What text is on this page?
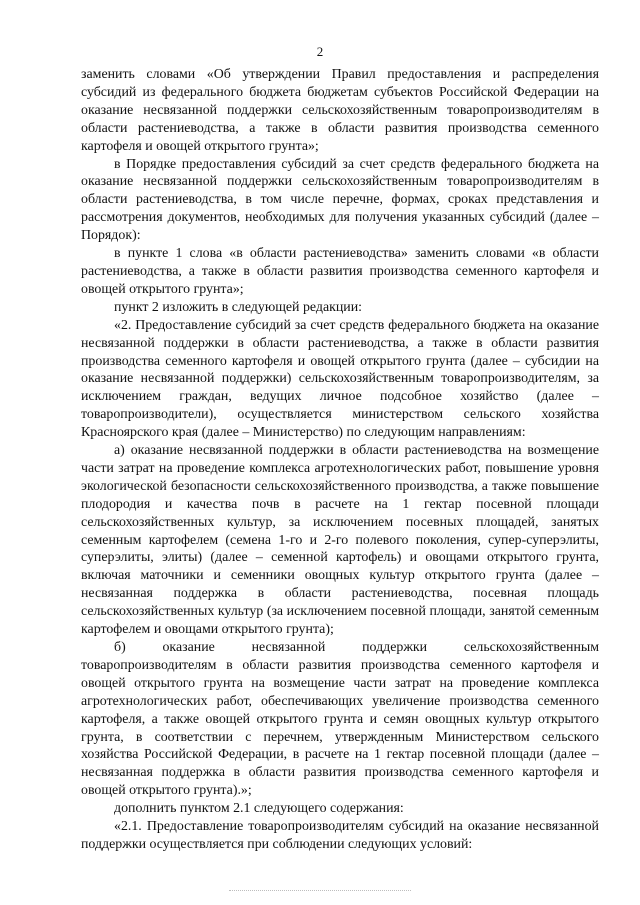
2

заменить словами «Об утверждении Правил предоставления и распределения субсидий из федерального бюджета бюджетам субъектов Российской Федерации на оказание несвязанной поддержки сельскохозяйственным товаропроизводителям в области растениеводства, а также в области развития производства семенного картофеля и овощей открытого грунта»;

в Порядке предоставления субсидий за счет средств федерального бюджета на оказание несвязанной поддержки сельскохозяйственным товаропроизводителям в области растениеводства, в том числе перечне, формах, сроках представления и рассмотрения документов, необходимых для получения указанных субсидий (далее – Порядок):

в пункте 1 слова «в области растениеводства» заменить словами «в области растениеводства, а также в области развития производства семенного картофеля и овощей открытого грунта»;

пункт 2 изложить в следующей редакции:

«2. Предоставление субсидий за счет средств федерального бюджета на оказание несвязанной поддержки в области растениеводства, а также в области развития производства семенного картофеля и овощей открытого грунта (далее – субсидии на оказание несвязанной поддержки) сельскохозяйственным товаропроизводителям, за исключением граждан, ведущих личное подсобное хозяйство (далее – товаропроизводители), осуществляется министерством сельского хозяйства Красноярского края (далее – Министерство) по следующим направлениям:

а) оказание несвязанной поддержки в области растениеводства на возмещение части затрат на проведение комплекса агротехнологических работ, повышение уровня экологической безопасности сельскохозяйственного производства, а также повышение плодородия и качества почв в расчете на 1 гектар посевной площади сельскохозяйственных культур, за исключением посевных площадей, занятых семенным картофелем (семена 1-го и 2-го полевого поколения, супер-суперэлиты, суперэлиты, элиты) (далее – семенной картофель) и овощами открытого грунта, включая маточники и семенники овощных культур открытого грунта (далее – несвязанная поддержка в области растениеводства, посевная площадь сельскохозяйственных культур (за исключением посевной площади, занятой семенным картофелем и овощами открытого грунта);

б) оказание несвязанной поддержки сельскохозяйственным товаропроизводителям в области развития производства семенного картофеля и овощей открытого грунта на возмещение части затрат на проведение комплекса агротехнологических работ, обеспечивающих увеличение производства семенного картофеля, а также овощей открытого грунта и семян овощных культур открытого грунта, в соответствии с перечнем, утвержденным Министерством сельского хозяйства Российской Федерации, в расчете на 1 гектар посевной площади (далее – несвязанная поддержка в области развития производства семенного картофеля и овощей открытого грунта).»;

дополнить пунктом 2.1 следующего содержания:

«2.1. Предоставление товаропроизводителям субсидий на оказание несвязанной поддержки осуществляется при соблюдении следующих условий:
